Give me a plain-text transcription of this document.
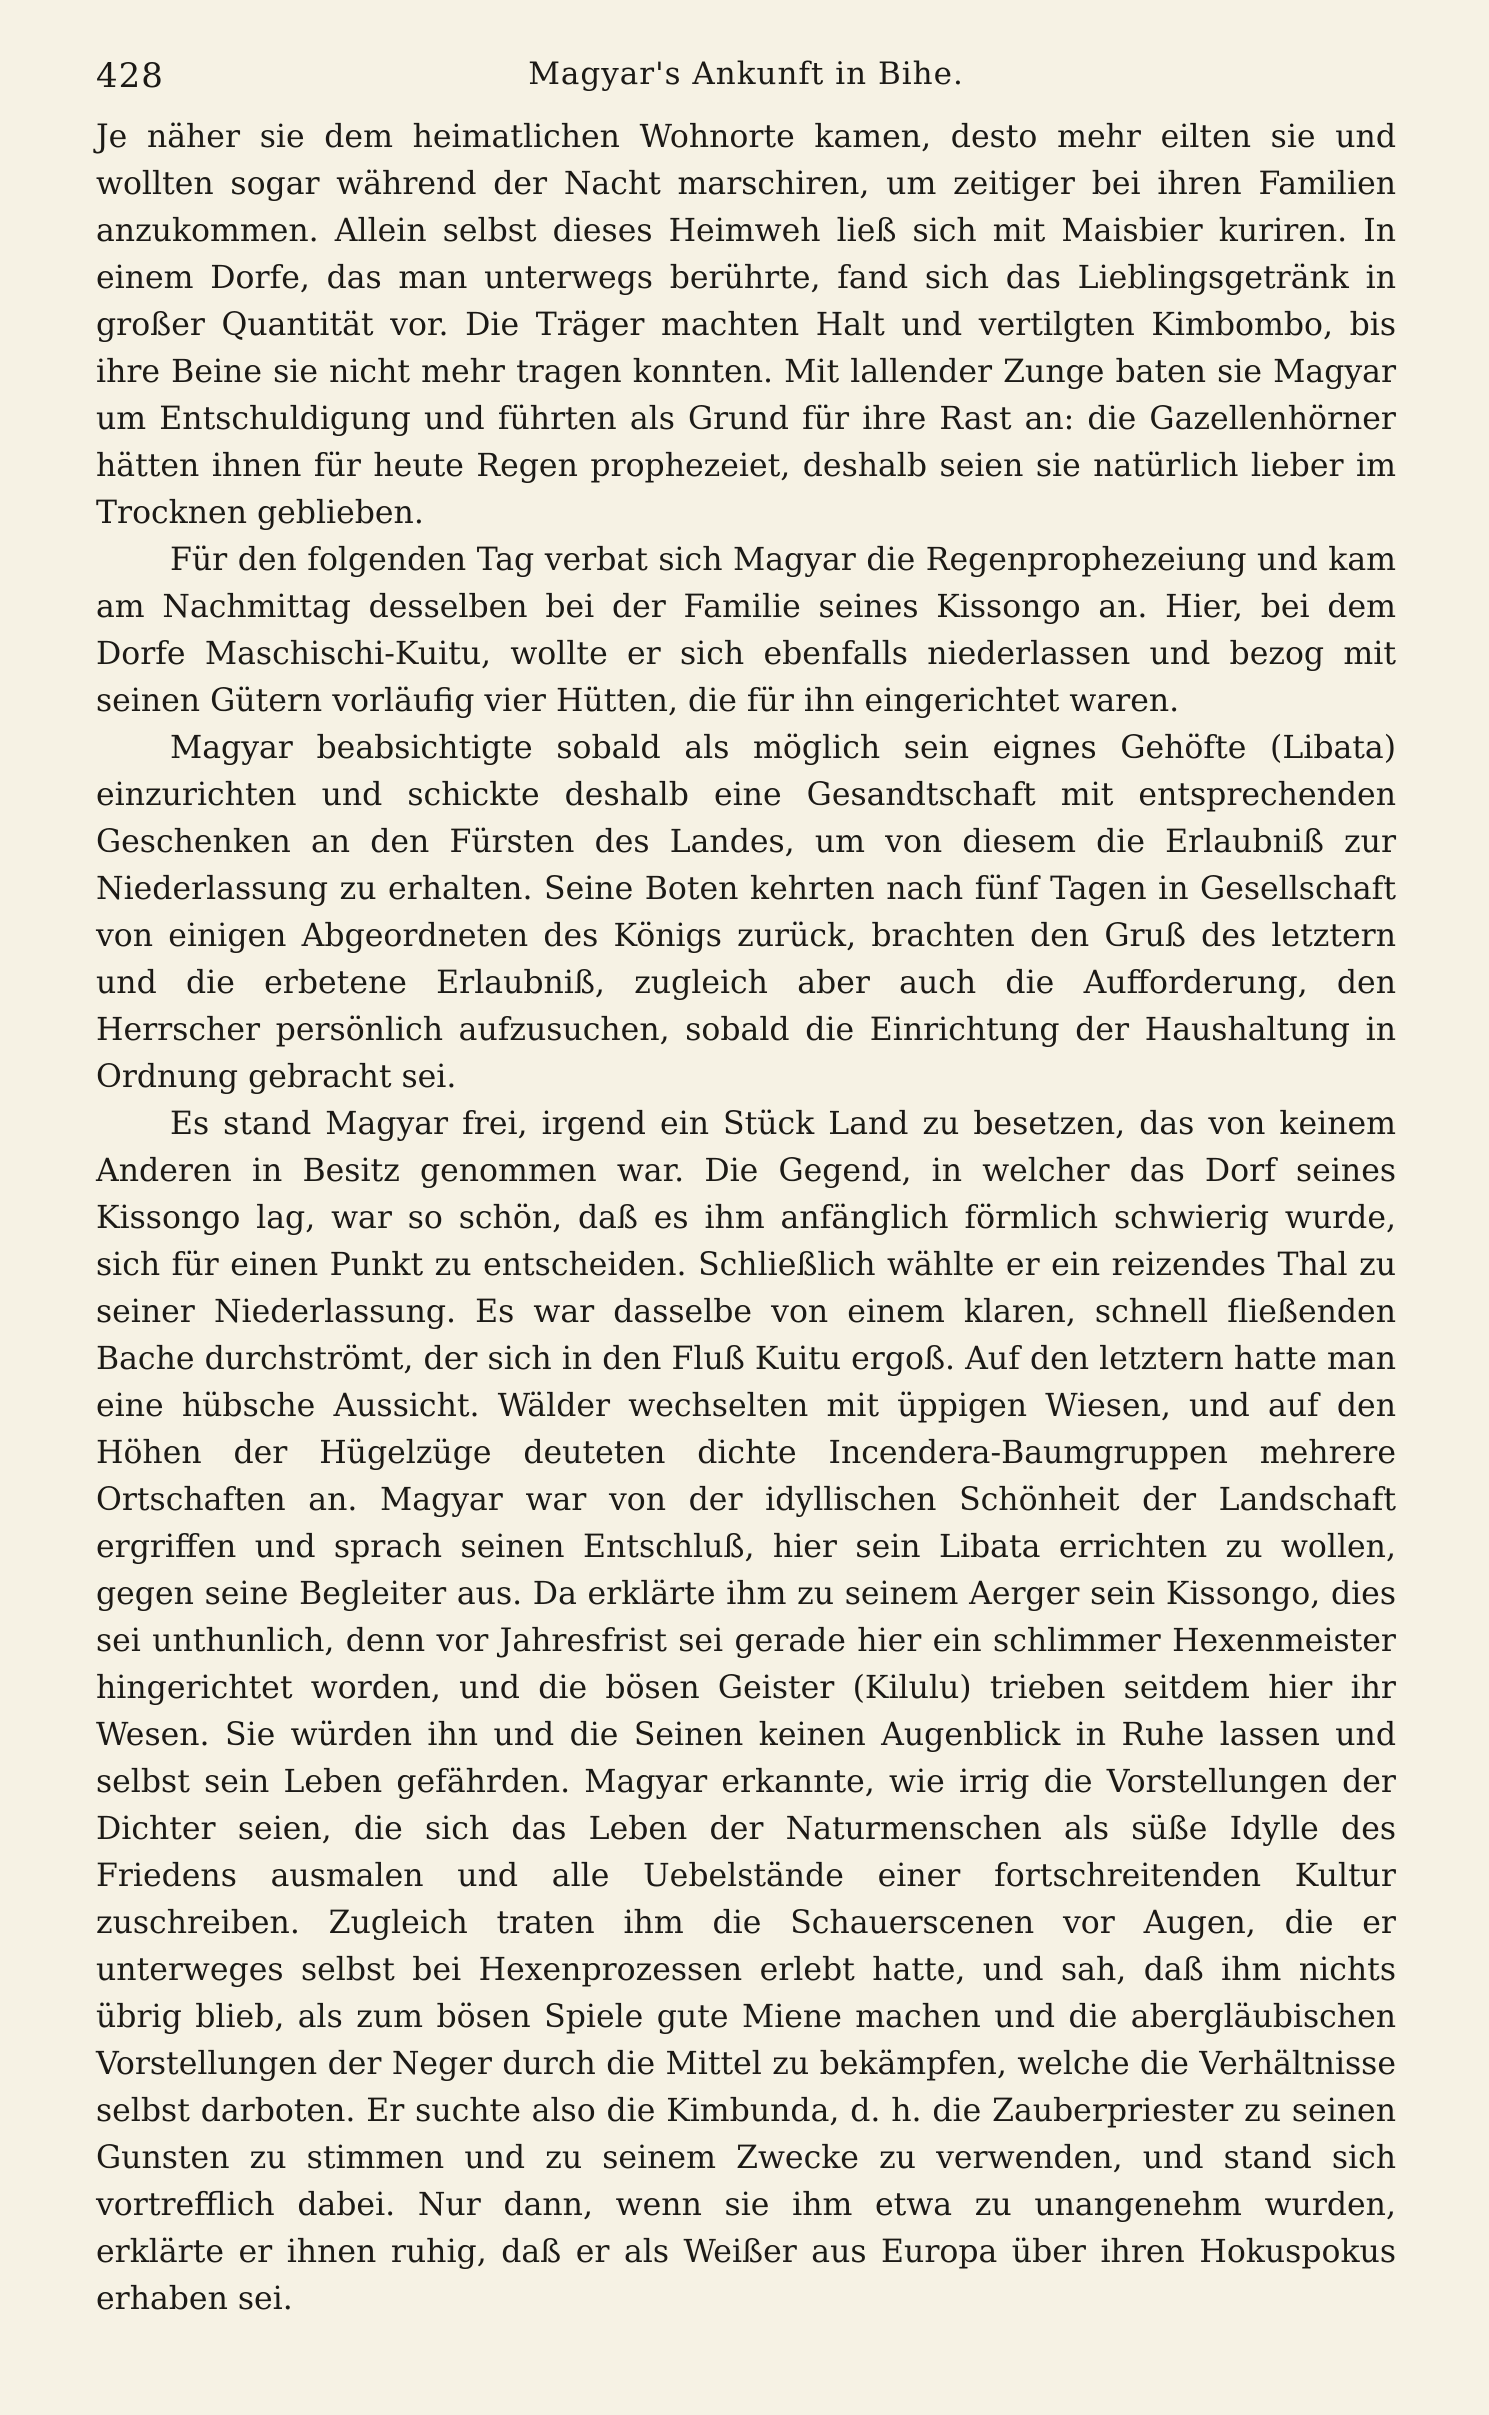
428	Magyar's Ankunft in Bihe.

Je näher sie dem heimatlichen Wohnorte kamen, desto mehr eilten sie und wollten sogar während der Nacht marschiren, um zeitiger bei ihren Familien anzukommen. Allein selbst dieses Heimweh ließ sich mit Maisbier kuriren. In einem Dorfe, das man unterwegs berührte, fand sich das Lieblingsgetränk in großer Quantität vor. Die Träger machten Halt und vertilgten Kimbombo, bis ihre Beine sie nicht mehr tragen konnten. Mit lallender Zunge baten sie Magyar um Entschuldigung und führten als Grund für ihre Rast an: die Gazellenhörner hätten ihnen für heute Regen prophezeiet, deshalb seien sie natürlich lieber im Trocknen geblieben.

Für den folgenden Tag verbat sich Magyar die Regenprophezeiung und kam am Nachmittag desselben bei der Familie seines Kissongo an. Hier, bei dem Dorfe Maschischi-Kuitu, wollte er sich ebenfalls niederlassen und bezog mit seinen Gütern vorläufig vier Hütten, die für ihn eingerichtet waren.

Magyar beabsichtigte sobald als möglich sein eignes Gehöfte (Libata) einzurichten und schickte deshalb eine Gesandtschaft mit entsprechenden Geschenken an den Fürsten des Landes, um von diesem die Erlaubniß zur Niederlassung zu erhalten. Seine Boten kehrten nach fünf Tagen in Gesellschaft von einigen Abgeordneten des Königs zurück, brachten den Gruß des letztern und die erbetene Erlaubniß, zugleich aber auch die Aufforderung, den Herrscher persönlich aufzusuchen, sobald die Einrichtung der Haushaltung in Ordnung gebracht sei.

Es stand Magyar frei, irgend ein Stück Land zu besetzen, das von keinem Anderen in Besitz genommen war. Die Gegend, in welcher das Dorf seines Kissongo lag, war so schön, daß es ihm anfänglich förmlich schwierig wurde, sich für einen Punkt zu entscheiden. Schließlich wählte er ein reizendes Thal zu seiner Niederlassung. Es war dasselbe von einem klaren, schnell fließenden Bache durchströmt, der sich in den Fluß Kuitu ergoß. Auf den letztern hatte man eine hübsche Aussicht. Wälder wechselten mit üppigen Wiesen, und auf den Höhen der Hügelzüge deuteten dichte Incendera-Baumgruppen mehrere Ortschaften an. Magyar war von der idyllischen Schönheit der Landschaft ergriffen und sprach seinen Entschluß, hier sein Libata errichten zu wollen, gegen seine Begleiter aus. Da erklärte ihm zu seinem Aerger sein Kissongo, dies sei unthunlich, denn vor Jahresfrist sei gerade hier ein schlimmer Hexenmeister hingerichtet worden, und die bösen Geister (Kilulu) trieben seitdem hier ihr Wesen. Sie würden ihn und die Seinen keinen Augenblick in Ruhe lassen und selbst sein Leben gefährden. Magyar erkannte, wie irrig die Vorstellungen der Dichter seien, die sich das Leben der Naturmenschen als süße Idylle des Friedens ausmalen und alle Uebelstände einer fortschreitenden Kultur zuschreiben. Zugleich traten ihm die Schauerscenen vor Augen, die er unterweges selbst bei Hexenprozessen erlebt hatte, und sah, daß ihm nichts übrig blieb, als zum bösen Spiele gute Miene machen und die abergläubischen Vorstellungen der Neger durch die Mittel zu bekämpfen, welche die Verhältnisse selbst darboten. Er suchte also die Kimbunda, d. h. die Zauberpriester zu seinen Gunsten zu stimmen und zu seinem Zwecke zu verwenden, und stand sich vortrefflich dabei. Nur dann, wenn sie ihm etwa zu unangenehm wurden, erklärte er ihnen ruhig, daß er als Weißer aus Europa über ihren Hokuspokus erhaben sei.
